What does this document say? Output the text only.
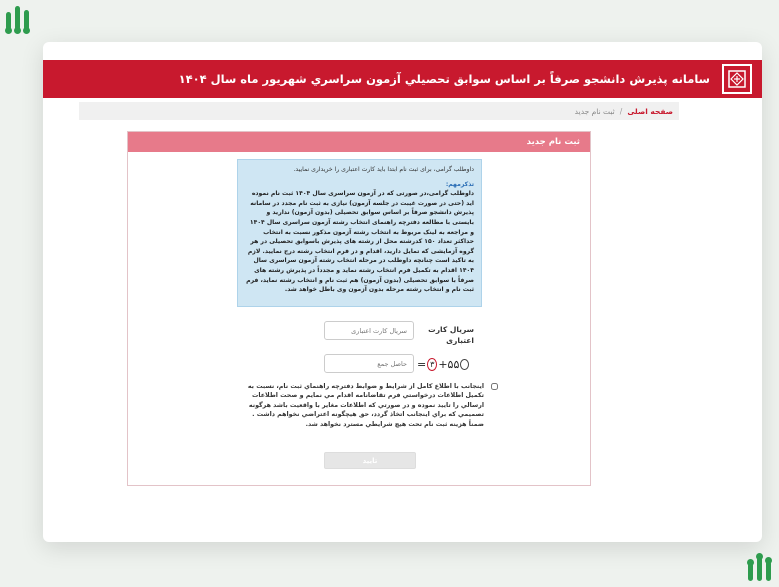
سامانه پذیرش دانشجو صرفاً بر اساس سوابق تحصیلي آزمون سراسري شهریور ماه سال ۱۴۰۴
صفحه اصلی
/
ثبت نام جدید
ثبت نام جدید
داوطلب گرامی، برای ثبت نام ابتدا باید کارت اعتباری را خریداری نمایید.
تذکرمهم:
داوطلب گرامی،در صورتی که در آزمون سراسری سال ۱۴۰۴ ثبت نام نموده اید (حتی در صورت غیبت در جلسه آزمون) نیازی به ثبت نام مجدد در سامانه پذیرش دانشجو صرفاً بر اساس سوابق تحصیلی (بدون آزمون) ندارید و بایستی با مطالعه دفترچه راهنمای انتخاب رشته آزمون سراسری سال ۱۴۰۴ و مراجعه به لینک مربوط به انتخاب رشته آزمون مذکور نسبت به انتخاب حداکثر تعداد ۱۵۰ کدرشته محل از رشته های پذیرش باسوابق تحصیلی در هر گروه آزمایشی که تمایل دارید، اقدام و در فرم انتخاب رشته درج نمایید. لازم به تاکید است چنانچه داوطلب در مرحله انتخاب رشته آزمون سراسری سال ۱۴۰۴ اقدام به تکمیل فرم انتخاب رشته نماید و مجدداً در پذیرش رشته های صرفاً با سوابق تحصیلی (بدون آزمون) هم ثبت نام و انتخاب رشته نماید، فرم ثبت نام و انتخاب رشته مرحله بدون آزمون وی باطل خواهد شد.
سریال کارت اعتباری
سریال کارت اعتباری
حاصل جمع
= ۳ + ۵۵
اینجانب با اطلاع کامل از شرایط و ضوابط دفترچه راهنماي ثبت نام، نسبت به تکمیل اطلاعات درخواستي فرم تقاضانامه اقدام مي نمایم و صحت اطلاعات ارسالي را تایید نموده و در صورتي که اطلاعات مغایر با واقعیت باشد هرگونه تصمیمي که براي اینجانب اتخاذ گردد، حق هیچگونه اعتراضي نخواهم داشت . ضمناً هزینه ثبت نام تحت هیچ شرایطي مسترد نخواهد شد.
تایید
